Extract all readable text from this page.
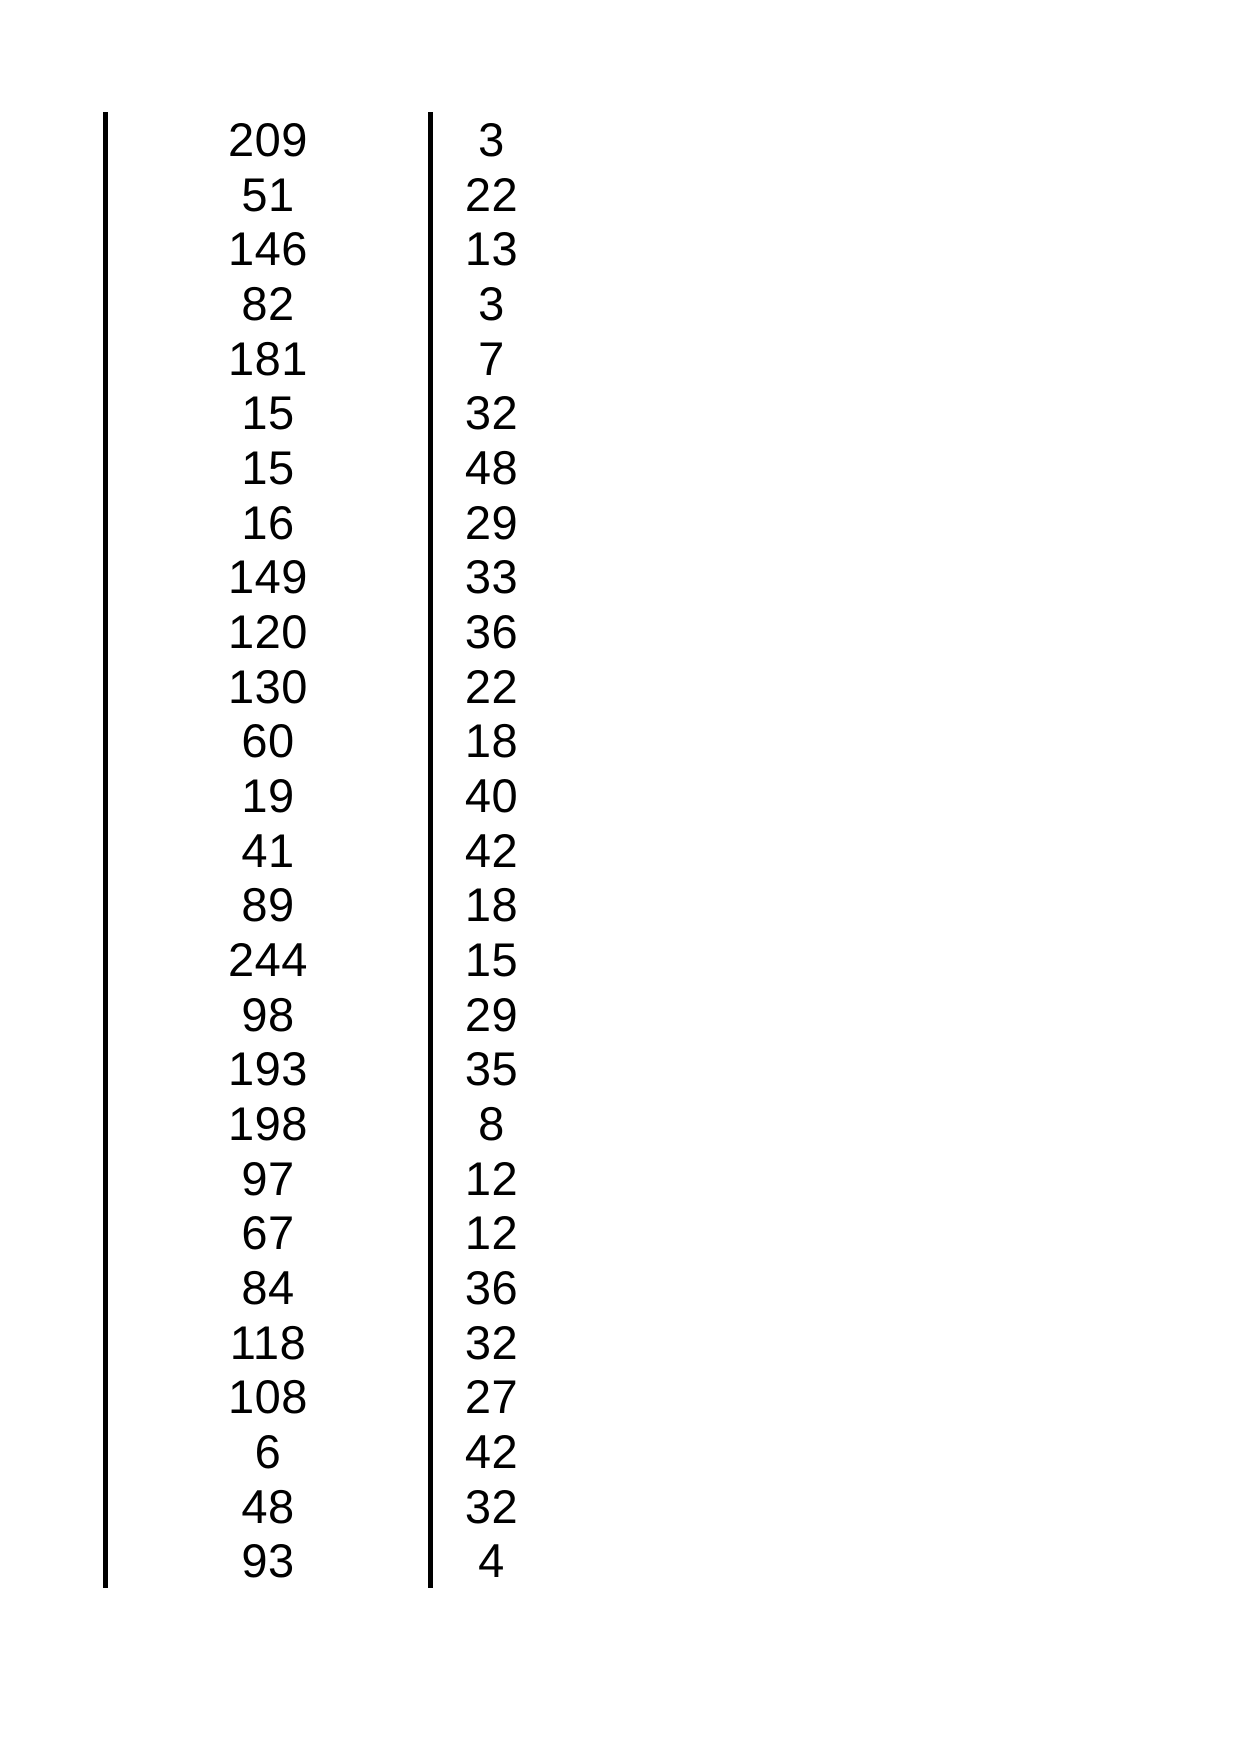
209
51
146
82
181
15
15
16
149
120
130
60
19
41
89
244
98
193
198
97
67
84
118
108
6
48
93
3
22
13
3
7
32
48
29
33
36
22
18
40
42
18
15
29
35
8
12
12
36
32
27
42
32
4
